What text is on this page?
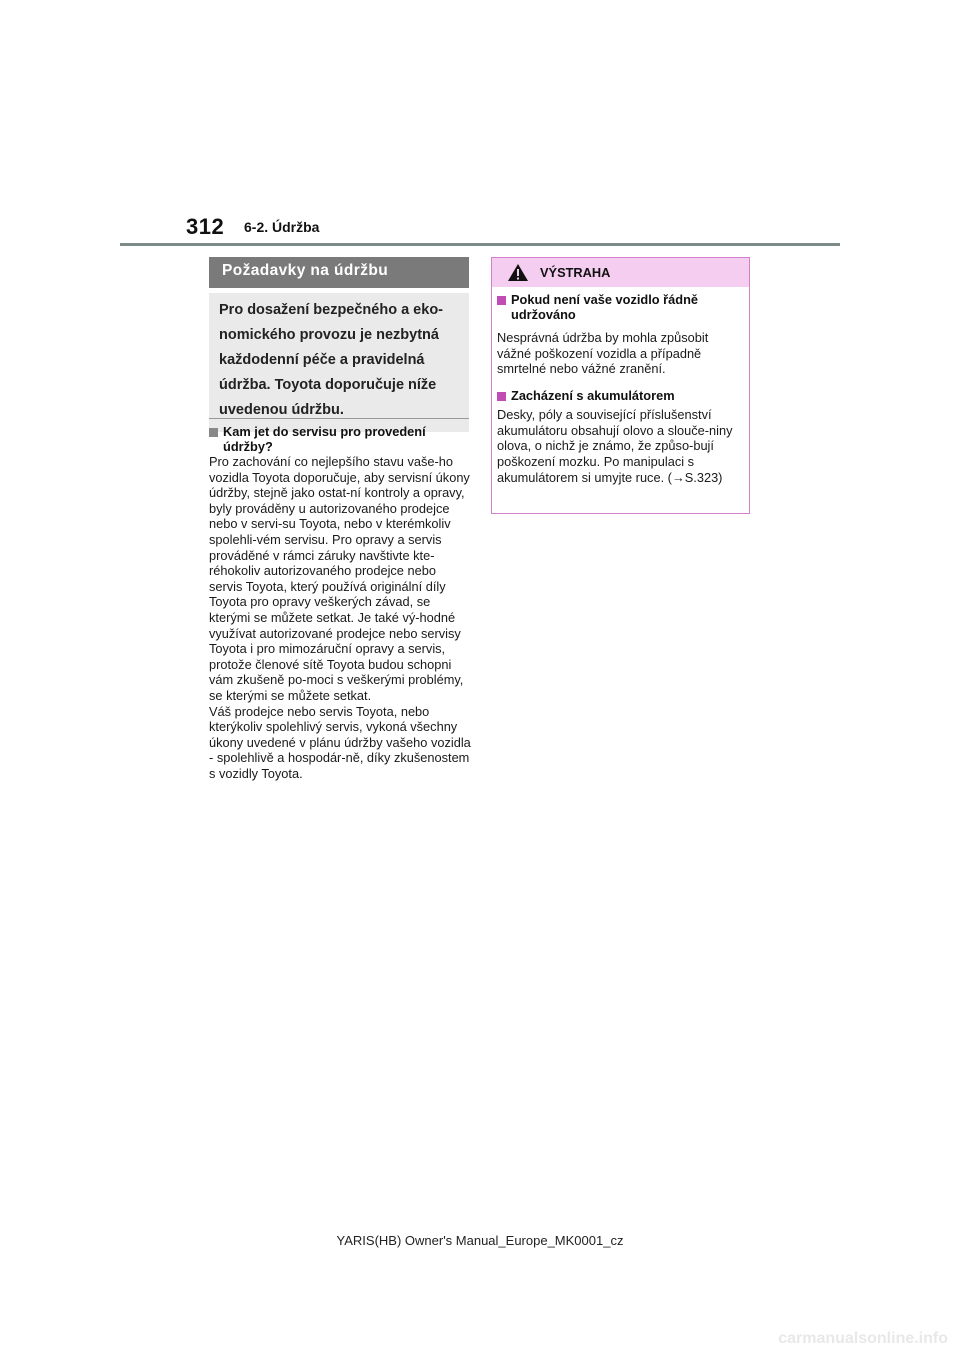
312 6-2. Údržba
Požadavky na údržbu
Pro dosažení bezpečného a eko-nomického provozu je nezbytná každodenní péče a pravidelná údržba. Toyota doporučuje níže uvedenou údržbu.
Kam jet do servisu pro provedení údržby?

Pro zachování co nejlepšího stavu vaše-ho vozidla Toyota doporučuje, aby servisní úkony údržby, stejně jako ostat-ní kontroly a opravy, byly prováděny u autorizovaného prodejce nebo v servi-su Toyota, nebo v kterémkoliv spolehli-vém servisu. Pro opravy a servis prováděné v rámci záruky navštivte kte-réhokoliv autorizovaného prodejce nebo servis Toyota, který používá originální díly Toyota pro opravy veškerých závad, se kterými se můžete setkat. Je také vý-hodné využívat autorizované prodejce nebo servisy Toyota i pro mimozáruční opravy a servis, protože členové sítě Toyota budou schopni vám zkušeně po-moci s veškerými problémy, se kterými se můžete setkat.

Váš prodejce nebo servis Toyota, nebo kterýkoliv spolehlivý servis, vykoná všechny úkony uvedené v plánu údržby vašeho vozidla - spolehlivě a hospodár-ně, díky zkušenostem s vozidly Toyota.

VÝSTRAHA
Pokud není vaše vozidlo řádně udržováno

Nesprávná údržba by mohla způsobit vážné poškození vozidla a případně smrtelné nebo vážné zranění.

Zacházení s akumulátorem

Desky, póly a související příslušenství akumulátoru obsahují olovo a slouče-niny olova, o nichž je známo, že způso-bují poškození mozku. Po manipulaci s akumulátorem si umyjte ruce. (→S.323)

YARIS(HB) Owner's Manual_Europe_MK0001_cz
carmanualsonline.info
